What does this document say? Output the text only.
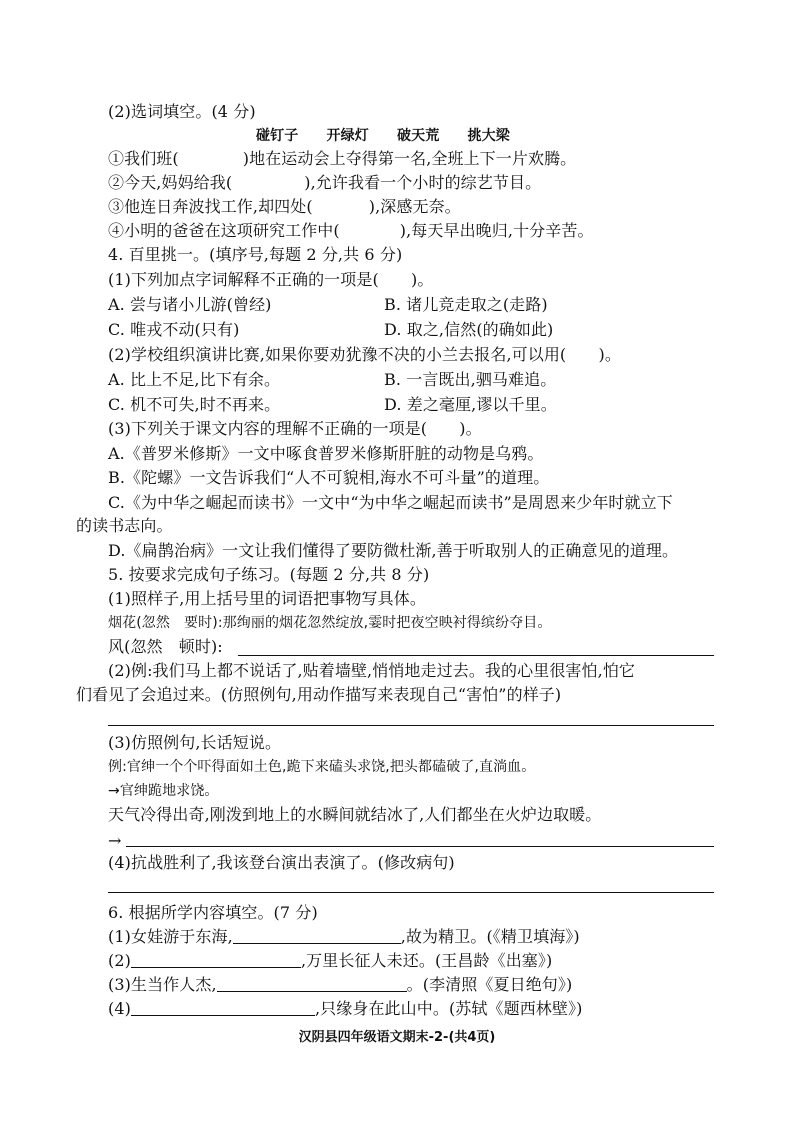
(2)选词填空。(4 分)
碰钉子　　开绿灯　　破天荒　　挑大梁
①我们班(	)地在运动会上夺得第一名,全班上下一片欢腾。
②今天,妈妈给我(	),允许我看一个小时的综艺节目。
③他连日奔波找工作,却四处(	),深感无奈。
④小明的爸爸在这项研究工作中(	),每天早出晚归,十分辛苦。
4. 百里挑一。(填序号,每题 2 分,共 6 分)
(1)下列加点字词解释不正确的一项是(　　)。
A. 尝与诸小儿游(曾经)	B. 诸儿竞走取之(走路)
C. 唯戎不动(只有)	D. 取之,信然(的确如此)
(2)学校组织演讲比赛,如果你要劝犹豫不决的小兰去报名,可以用(　　)。
A. 比上不足,比下有余。	B. 一言既出,驷马难追。
C. 机不可失,时不再来。	D. 差之毫厘,谬以千里。
(3)下列关于课文内容的理解不正确的一项是(　　)。
A.《普罗米修斯》一文中啄食普罗米修斯肝脏的动物是乌鸦。
B.《陀螺》一文告诉我们“人不可貌相,海水不可斗量”的道理。
C.《为中华之崛起而读书》一文中“为中华之崛起而读书”是周恩来少年时就立下
的读书志向。
D.《扁鹊治病》一文让我们懂得了要防微杜渐,善于听取别人的正确意见的道理。
5. 按要求完成句子练习。(每题 2 分,共 8 分)
(1)照样子,用上括号里的词语把事物写具体。
烟花(忽然　要时):那绚丽的烟花忽然绽放,霎时把夜空映衬得缤纷夺目。
风(忽然　顿时):
(2)例:我们马上都不说话了,贴着墙壁,悄悄地走过去。我的心里很害怕,怕它
们看见了会追过来。(仿照例句,用动作描写来表现自己“害怕”的样子)
(3)仿照例句,长话短说。
例:官绅一个个吓得面如土色,跪下来磕头求饶,把头都磕破了,直淌血。
→官绅跪地求饶。
天气冷得出奇,刚泼到地上的水瞬间就结冰了,人们都坐在火炉边取暖。
→
(4)抗战胜利了,我该登台演出表演了。(修改病句)
6. 根据所学内容填空。(7 分)
(1)女娃游于东海,	,故为精卫。(《精卫填海》)
(2)	,万里长征人未还。(王昌龄《出塞》)
(3)生当作人杰,	。(李清照《夏日绝句》)
(4)	,只缘身在此山中。(苏轼《题西林壁》)
汉阴县四年级语文期末-2-(共4页)
